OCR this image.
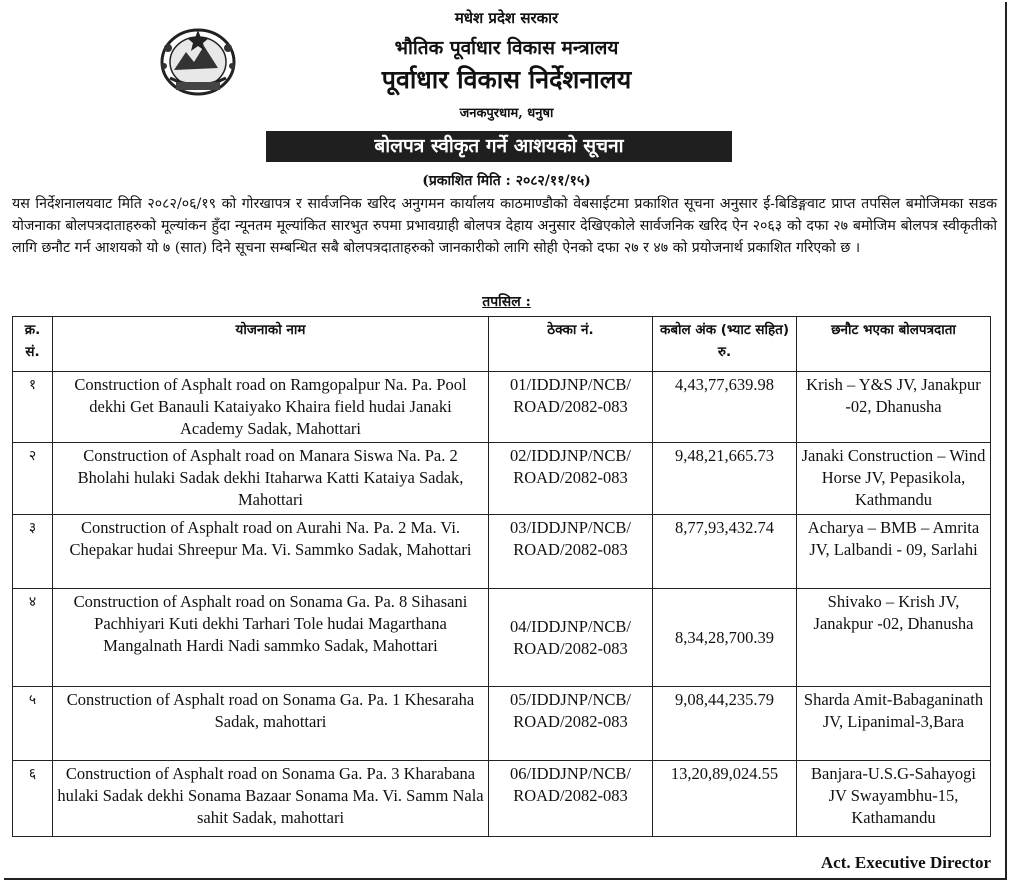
मधेश प्रदेश सरकार
भौतिक पूर्वाधार विकास मन्त्रालय
पूर्वाधार विकास निर्देशनालय
जनकपुरधाम, धनुषा
बोलपत्र स्वीकृत गर्ने आशयको सूचना
(प्रकाशित मिति : २०८२/११/१५)
यस निर्देशनालयवाट मिति २०८२/०६/१९ को गोरखापत्र र सार्वजनिक खरिद अनुगमन कार्यालय काठमाण्डौको वेबसाईटमा प्रकाशित सूचना अनुसार ई-बिडिङ्गवाट प्राप्त तपसिल बमोजिमका सडक योजनाका बोलपत्रदाताहरुको मूल्यांकन हुँदा न्यूनतम मूल्यांकित सारभुत रुपमा प्रभावग्राही बोलपत्र देहाय अनुसार देखिएकोले सार्वजनिक खरिद ऐन २०६३ को दफा २७ बमोजिम बोलपत्र स्वीकृतीको लागि छनौट गर्न आशयको यो ७ (सात) दिने सूचना सम्बन्धित सबै बोलपत्रदाताहरुको जानकारीको लागि सोही ऐनको दफा २७ र ४७ को प्रयोजनार्थ प्रकाशित गरिएको छ ।
तपसिल :
क्र. सं.	योजनाको नाम	ठेक्का नं.	कबोल अंक (भ्याट सहित) रु.	छनौट भएका बोलपत्रदाता
१	Construction of Asphalt road on Ramgopalpur Na. Pa. Pool dekhi Get Banauli Kataiyako Khaira field hudai Janaki Academy Sadak, Mahottari	01/IDDJNP/NCB/ ROAD/2082-083	4,43,77,639.98	Krish – Y&S JV, Janakpur -02, Dhanusha
२	Construction of Asphalt road on Manara Siswa Na. Pa. 2 Bholahi hulaki Sadak dekhi Itaharwa Katti Kataiya Sadak, Mahottari	02/IDDJNP/NCB/ ROAD/2082-083	9,48,21,665.73	Janaki Construction – Wind Horse JV, Pepasikola, Kathmandu
३	Construction of Asphalt road on Aurahi Na. Pa. 2 Ma. Vi. Chepakar hudai Shreepur Ma. Vi. Sammko Sadak, Mahottari	03/IDDJNP/NCB/ ROAD/2082-083	8,77,93,432.74	Acharya – BMB – Amrita JV, Lalbandi - 09, Sarlahi
४	Construction of Asphalt road on Sonama Ga. Pa. 8 Sihasani Pachhiyari Kuti dekhi Tarhari Tole hudai Magarthana Mangalnath Hardi Nadi sammko Sadak, Mahottari	04/IDDJNP/NCB/ ROAD/2082-083	8,34,28,700.39	Shivako – Krish JV, Janakpur -02, Dhanusha
५	Construction of Asphalt road on Sonama Ga. Pa. 1 Khesaraha Sadak, mahottari	05/IDDJNP/NCB/ ROAD/2082-083	9,08,44,235.79	Sharda Amit-Babaganinath JV, Lipanimal-3,Bara
६	Construction of Asphalt road on Sonama Ga. Pa. 3 Kharabana hulaki Sadak dekhi Sonama Bazaar Sonama Ma. Vi. Samm Nala sahit Sadak, mahottari	06/IDDJNP/NCB/ ROAD/2082-083	13,20,89,024.55	Banjara-U.S.G-Sahayogi JV Swayambhu-15, Kathamandu
Act. Executive Director
